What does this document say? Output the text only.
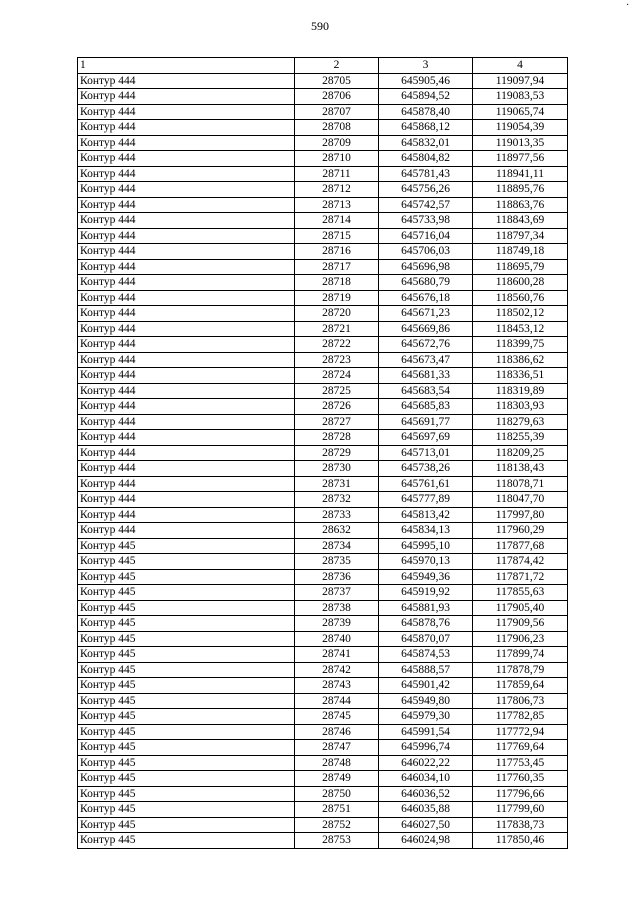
590
·
1	2	3	4
Контур 444	28705	645905,46	119097,94
Контур 444	28706	645894,52	119083,53
Контур 444	28707	645878,40	119065,74
Контур 444	28708	645868,12	119054,39
Контур 444	28709	645832,01	119013,35
Контур 444	28710	645804,82	118977,56
Контур 444	28711	645781,43	118941,11
Контур 444	28712	645756,26	118895,76
Контур 444	28713	645742,57	118863,76
Контур 444	28714	645733,98	118843,69
Контур 444	28715	645716,04	118797,34
Контур 444	28716	645706,03	118749,18
Контур 444	28717	645696,98	118695,79
Контур 444	28718	645680,79	118600,28
Контур 444	28719	645676,18	118560,76
Контур 444	28720	645671,23	118502,12
Контур 444	28721	645669,86	118453,12
Контур 444	28722	645672,76	118399,75
Контур 444	28723	645673,47	118386,62
Контур 444	28724	645681,33	118336,51
Контур 444	28725	645683,54	118319,89
Контур 444	28726	645685,83	118303,93
Контур 444	28727	645691,77	118279,63
Контур 444	28728	645697,69	118255,39
Контур 444	28729	645713,01	118209,25
Контур 444	28730	645738,26	118138,43
Контур 444	28731	645761,61	118078,71
Контур 444	28732	645777,89	118047,70
Контур 444	28733	645813,42	117997,80
Контур 444	28632	645834,13	117960,29
Контур 445	28734	645995,10	117877,68
Контур 445	28735	645970,13	117874,42
Контур 445	28736	645949,36	117871,72
Контур 445	28737	645919,92	117855,63
Контур 445	28738	645881,93	117905,40
Контур 445	28739	645878,76	117909,56
Контур 445	28740	645870,07	117906,23
Контур 445	28741	645874,53	117899,74
Контур 445	28742	645888,57	117878,79
Контур 445	28743	645901,42	117859,64
Контур 445	28744	645949,80	117806,73
Контур 445	28745	645979,30	117782,85
Контур 445	28746	645991,54	117772,94
Контур 445	28747	645996,74	117769,64
Контур 445	28748	646022,22	117753,45
Контур 445	28749	646034,10	117760,35
Контур 445	28750	646036,52	117796,66
Контур 445	28751	646035,88	117799,60
Контур 445	28752	646027,50	117838,73
Контур 445	28753	646024,98	117850,46
